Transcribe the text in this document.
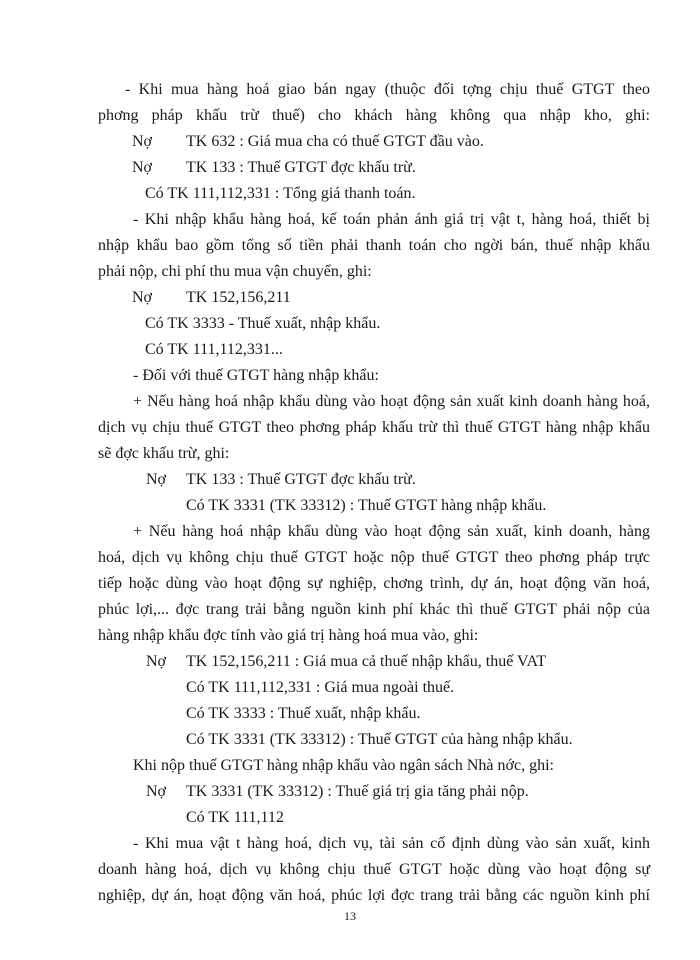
- Khi mua hàng hoá giao bán ngay (thuộc đối tợng chịu thuế GTGT theo
phơng pháp khấu trừ thuế) cho khách hàng không qua nhập kho, ghi:
Nợ TK 632 : Giá mua cha có thuế GTGT đầu vào.
Nợ TK 133 : Thuế GTGT đợc khấu trừ.
Có TK 111,112,331 : Tổng giá thanh toán.
- Khi nhập khẩu hàng hoá, kế toán phản ánh giá trị vật t, hàng hoá, thiết bị
nhập khẩu bao gồm tổng số tiền phải thanh toán cho ngời bán, thuế nhập khẩu
phải nộp, chi phí thu mua vận chuyển, ghi:
Nợ TK 152,156,211
Có TK 3333 - Thuế xuất, nhập khẩu.
Có TK 111,112,331...
- Đối với thuế GTGT hàng nhập khẩu:
+ Nếu hàng hoá nhập khẩu dùng vào hoạt động sản xuất kinh doanh hàng hoá,
dịch vụ chịu thuế GTGT theo phơng pháp khấu trừ thì thuế GTGT hàng nhập khẩu
sẽ đợc khấu trừ, ghi:
Nợ TK 133 : Thuế GTGT đợc khấu trừ.
Có TK 3331 (TK 33312) : Thuế GTGT hàng nhập khẩu.
+ Nếu hàng hoá nhập khẩu dùng vào hoạt động sản xuất, kinh doanh, hàng
hoá, dịch vụ không chịu thuế GTGT hoặc nộp thuế GTGT theo phơng pháp trực
tiếp hoặc dùng vào hoạt động sự nghiệp, chơng trình, dự án, hoạt động văn hoá,
phúc lợi,... đợc trang trải bằng nguồn kinh phí khác thì thuế GTGT phải nộp của
hàng nhập khẩu đợc tính vào giá trị hàng hoá mua vào, ghi:
Nợ TK 152,156,211 : Giá mua cả thuế nhập khẩu, thuế VAT
Có TK 111,112,331 : Giá mua ngoài thuế.
Có TK 3333 : Thuế xuất, nhập khẩu.
Có TK 3331 (TK 33312) : Thuế GTGT của hàng nhập khẩu.
Khi nộp thuế GTGT hàng nhập khẩu vào ngân sách Nhà nớc, ghi:
Nợ TK 3331 (TK 33312) : Thuế giá trị gia tăng phải nộp.
Có TK 111,112
- Khi mua vật t hàng hoá, dịch vụ, tài sản cố định dùng vào sản xuất, kinh
doanh hàng hoá, dịch vụ không chịu thuế GTGT hoặc dùng vào hoạt động sự
nghiệp, dự án, hoạt động văn hoá, phúc lợi đợc trang trải bằng các nguồn kinh phí
13
